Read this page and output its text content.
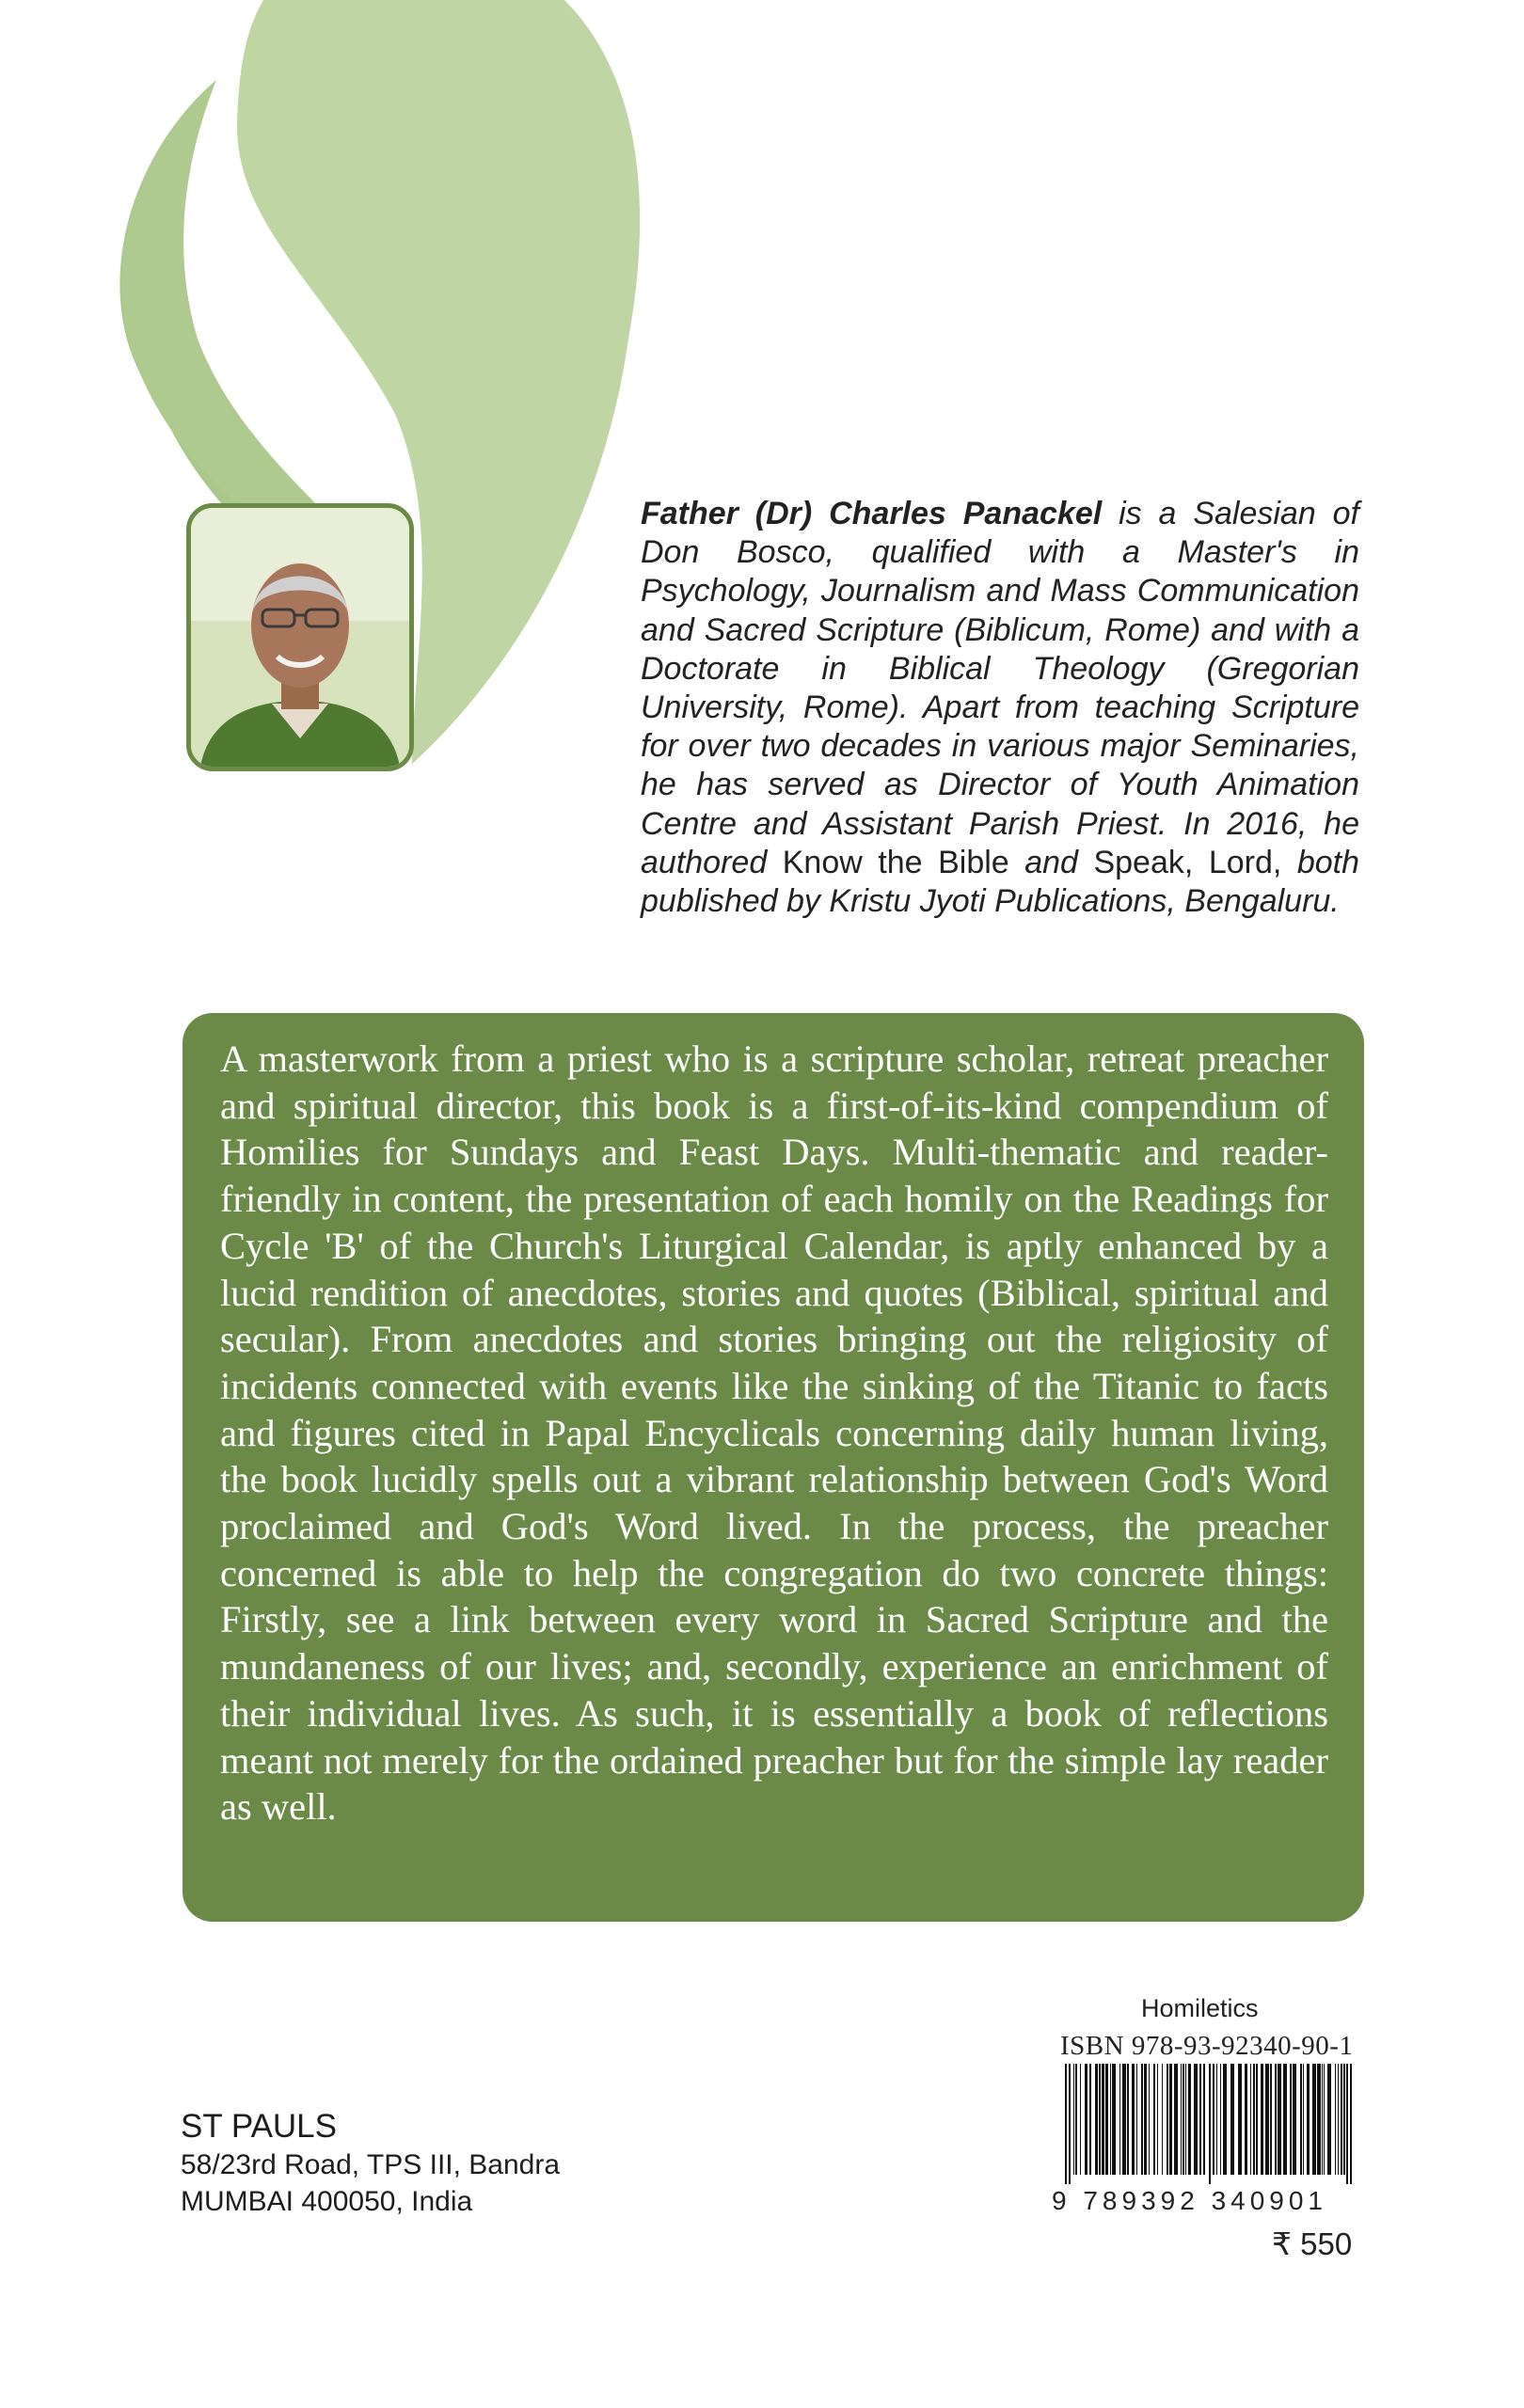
Father (Dr) Charles Panackel is a Salesian of Don Bosco, qualified with a Master's in Psychology, Journalism and Mass Communication and Sacred Scripture (Biblicum, Rome) and with a Doctorate in Biblical Theology (Gregorian University, Rome). Apart from teaching Scripture for over two decades in various major Seminaries, he has served as Director of Youth Animation Centre and Assistant Parish Priest. In 2016, he authored Know the Bible and Speak, Lord, both published by Kristu Jyoti Publications, Bengaluru.

A masterwork from a priest who is a scripture scholar, retreat preacher and spiritual director, this book is a first-of-its-kind compendium of Homilies for Sundays and Feast Days. Multi-thematic and reader-friendly in content, the presentation of each homily on the Readings for Cycle 'B' of the Church's Liturgical Calendar, is aptly enhanced by a lucid rendition of anecdotes, stories and quotes (Biblical, spiritual and secular). From anecdotes and stories bringing out the religiosity of incidents connected with events like the sinking of the Titanic to facts and figures cited in Papal Encyclicals concerning daily human living, the book lucidly spells out a vibrant relationship between God's Word proclaimed and God's Word lived. In the process, the preacher concerned is able to help the congregation do two concrete things: Firstly, see a link between every word in Sacred Scripture and the mundaneness of our lives; and, secondly, experience an enrichment of their individual lives. As such, it is essentially a book of reflections meant not merely for the ordained preacher but for the simple lay reader as well.

Homiletics
ISBN 978-93-92340-90-1
9 789392 340901
₹ 550
ST PAULS
58/23rd Road, TPS III, Bandra
MUMBAI 400050, India
